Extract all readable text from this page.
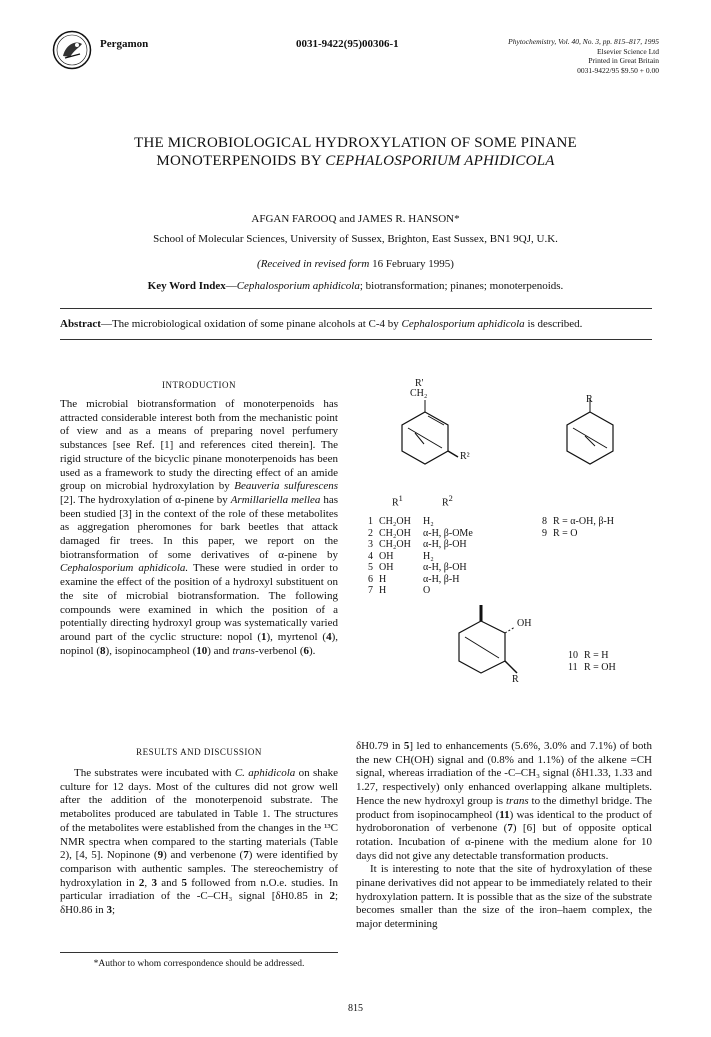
Pergamon	0031-9422(95)00306-1	Phytochemistry, Vol. 40, No. 3, pp. 815–817, 1995
Elsevier Science Ltd
Printed in Great Britain
0031-9422/95 $9.50 + 0.00
THE MICROBIOLOGICAL HYDROXYLATION OF SOME PINANE
MONOTERPENOIDS BY CEPHALOSPORIUM APHIDICOLA
AFGAN FAROOQ and JAMES R. HANSON*
School of Molecular Sciences, University of Sussex, Brighton, East Sussex, BN1 9QJ, U.K.
(Received in revised form 16 February 1995)
Key Word Index—Cephalosporium aphidicola; biotransformation; pinanes; monoterpenoids.
Abstract—The microbiological oxidation of some pinane alcohols at C-4 by Cephalosporium aphidicola is described.
INTRODUCTION

The microbial biotransformation of monoterpenoids has attracted considerable interest both from the mechanistic point of view and as a means of preparing novel perfumery substances [see Ref. [1] and references cited therein]. The rigid structure of the bicyclic pinane monoterpenoids has been used as a framework to study the directing effect of an amide group on microbial hydroxylation by Beauveria sulfurescens [2]. The hydroxylation of α-pinene by Armillariella mellea has been studied [3] in the context of the role of these metabolites as aggregation pheromones for bark beetles that attack damaged fir trees. In this paper, we report on the biotransformation of some derivatives of α-pinene by Cephalosporium aphidicola. These were studied in order to examine the effect of the position of a hydroxyl substituent on the site of microbial biotransformation. The following compounds were examined in which the position of a potentially directing hydroxyl group was systematically varied around part of the cyclic structure: nopol (1), myrtenol (4), nopinol (8), isopinocampheol (10) and trans-verbenol (6).

R'
CH₂
R²
R
$R^1$	$R^2$
1	CH₂OH	H₂
2	CH₂OH	α-H, β-OMe
3	CH₂OH	α-H, β-OH
4	OH	H₂
5	OH	α-H, β-OH
6	H	α-H, β-H
7	H	O
8	R = α-OH, β-H
9	R = O
OH
R
10	R = H
11	R = OH
RESULTS AND DISCUSSION

The substrates were incubated with C. aphidicola on shake culture for 12 days. Most of the cultures did not grow well after the addition of the monoterpenoid substrate. The metabolites produced are tabulated in Table 1. The structures of the metabolites were established from the changes in the ¹³C NMR spectra when compared to the starting materials (Table 2), [4, 5]. Nopinone (9) and verbenone (7) were identified by comparison with authentic samples. The stereochemistry of hydroxylation in 2, 3 and 5 followed from n.O.e. studies. In particular irradiation of the -C–CH₃ signal [δH0.85 in 2; δH0.86 in 3;

δH0.79 in 5] led to enhancements (5.6%, 3.0% and 7.1%) of both the new CH(OH) signal and (0.8% and 1.1%) of the alkene =CH signal, whereas irradiation of the -C–CH₃ signal (δH1.33, 1.33 and 1.27, respectively) only enhanced overlapping alkane multiplets. Hence the new hydroxyl group is trans to the dimethyl bridge. The product from isopinocampheol (11) was identical to the product of hydroboronation of verbenone (7) [6] but of opposite optical rotation. Incubation of α-pinene with the medium alone for 10 days did not give any detectable transformation products.

It is interesting to note that the site of hydroxylation of these pinane derivatives did not appear to be immediately related to their hydroxylation pattern. It is possible that as the size of the substrate becomes smaller than the size of the iron–haem complex, the major determining

*Author to whom correspondence should be addressed.
815
